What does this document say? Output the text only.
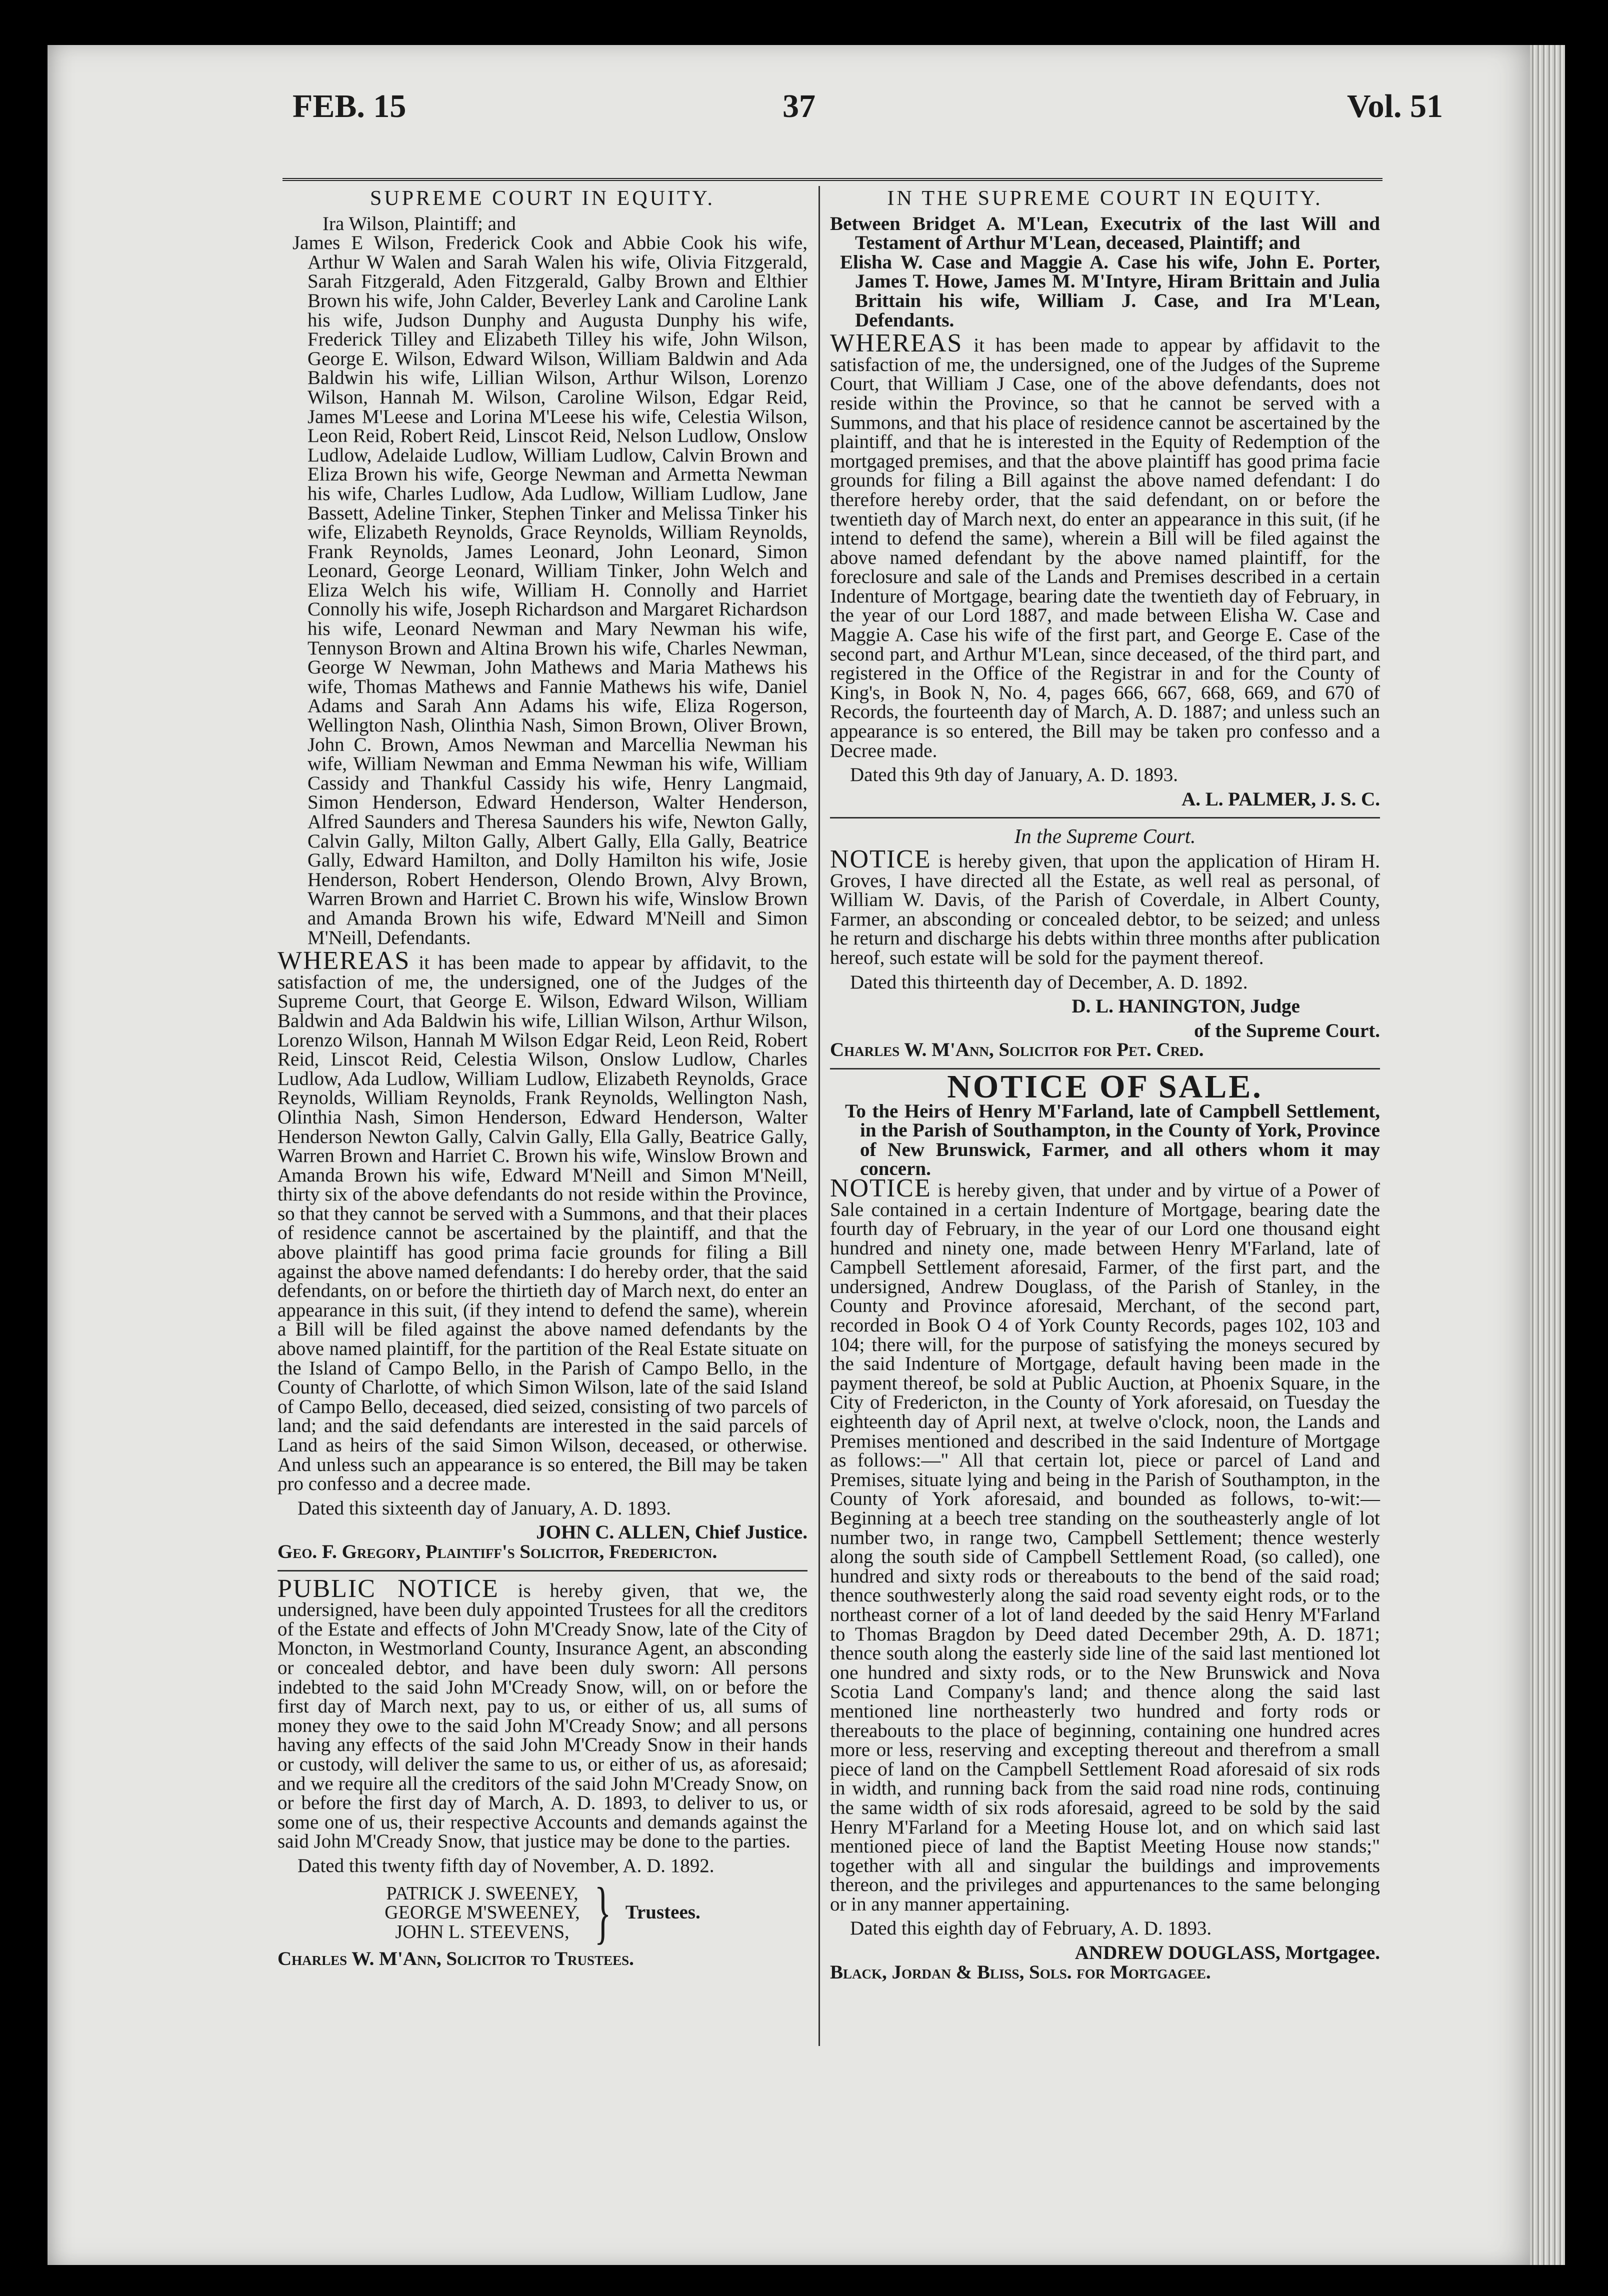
FEB. 15	37	Vol. 51
SUPREME COURT IN EQUITY.

Ira Wilson, Plaintiff; and

James E Wilson, Frederick Cook and Abbie Cook his wife, Arthur W Walen and Sarah Walen his wife, Olivia Fitzgerald, Sarah Fitzgerald, Aden Fitzgerald, Galby Brown and Elthier Brown his wife, John Calder, Beverley Lank and Caroline Lank his wife, Judson Dunphy and Augusta Dunphy his wife, Frederick Tilley and Elizabeth Tilley his wife, John Wilson, George E. Wilson, Edward Wilson, William Baldwin and Ada Baldwin his wife, Lillian Wilson, Arthur Wilson, Lorenzo Wilson, Hannah M. Wilson, Caroline Wilson, Edgar Reid, James M'Leese and Lorina M'Leese his wife, Celestia Wilson, Leon Reid, Robert Reid, Linscot Reid, Nelson Ludlow, Onslow Ludlow, Adelaide Ludlow, William Ludlow, Calvin Brown and Eliza Brown his wife, George Newman and Armetta Newman his wife, Charles Ludlow, Ada Ludlow, William Ludlow, Jane Bassett, Adeline Tinker, Stephen Tinker and Melissa Tinker his wife, Elizabeth Reynolds, Grace Reynolds, William Reynolds, Frank Reynolds, James Leonard, John Leonard, Simon Leonard, George Leonard, William Tinker, John Welch and Eliza Welch his wife, William H. Connolly and Harriet Connolly his wife, Joseph Richardson and Margaret Richardson his wife, Leonard Newman and Mary Newman his wife, Tennyson Brown and Altina Brown his wife, Charles Newman, George W Newman, John Mathews and Maria Mathews his wife, Thomas Mathews and Fannie Mathews his wife, Daniel Adams and Sarah Ann Adams his wife, Eliza Rogerson, Wellington Nash, Olinthia Nash, Simon Brown, Oliver Brown, John C. Brown, Amos Newman and Marcellia Newman his wife, William Newman and Emma Newman his wife, William Cassidy and Thankful Cassidy his wife, Henry Langmaid, Simon Henderson, Edward Henderson, Walter Henderson, Alfred Saunders and Theresa Saunders his wife, Newton Gally, Calvin Gally, Milton Gally, Albert Gally, Ella Gally, Beatrice Gally, Edward Hamilton, and Dolly Hamilton his wife, Josie Henderson, Robert Henderson, Olendo Brown, Alvy Brown, Warren Brown and Harriet C. Brown his wife, Winslow Brown and Amanda Brown his wife, Edward M'Neill and Simon M'Neill, Defendants.

WHEREAS it has been made to appear by affidavit, to the satisfaction of me, the undersigned, one of the Judges of the Supreme Court, that George E. Wilson, Edward Wilson, William Baldwin and Ada Baldwin his wife, Lillian Wilson, Arthur Wilson, Lorenzo Wilson, Hannah M Wilson Edgar Reid, Leon Reid, Robert Reid, Linscot Reid, Celestia Wilson, Onslow Ludlow, Charles Ludlow, Ada Ludlow, William Ludlow, Elizabeth Reynolds, Grace Reynolds, William Reynolds, Frank Reynolds, Wellington Nash, Olinthia Nash, Simon Henderson, Edward Henderson, Walter Henderson Newton Gally, Calvin Gally, Ella Gally, Beatrice Gally, Warren Brown and Harriet C. Brown his wife, Winslow Brown and Amanda Brown his wife, Edward M'Neill and Simon M'Neill, thirty six of the above defendants do not reside within the Province, so that they cannot be served with a Summons, and that their places of residence cannot be ascertained by the plaintiff, and that the above plaintiff has good prima facie grounds for filing a Bill against the above named defendants: I do hereby order, that the said defendants, on or before the thirtieth day of March next, do enter an appearance in this suit, (if they intend to defend the same), wherein a Bill will be filed against the above named defendants by the above named plaintiff, for the partition of the Real Estate situate on the Island of Campo Bello, in the Parish of Campo Bello, in the County of Charlotte, of which Simon Wilson, late of the said Island of Campo Bello, deceased, died seized, consisting of two parcels of land; and the said defendants are interested in the said parcels of Land as heirs of the said Simon Wilson, deceased, or otherwise. And unless such an appearance is so entered, the Bill may be taken pro confesso and a decree made.

Dated this sixteenth day of January, A. D. 1893.

JOHN C. ALLEN, Chief Justice.

Geo. F. Gregory, Plaintiff's Solicitor, Fredericton.

PUBLIC NOTICE is hereby given, that we, the undersigned, have been duly appointed Trustees for all the creditors of the Estate and effects of John M'Cready Snow, late of the City of Moncton, in Westmorland County, Insurance Agent, an absconding or concealed debtor, and have been duly sworn: All persons indebted to the said John M'Cready Snow, will, on or before the first day of March next, pay to us, or either of us, all sums of money they owe to the said John M'Cready Snow; and all persons having any effects of the said John M'Cready Snow in their hands or custody, will deliver the same to us, or either of us, as aforesaid; and we require all the creditors of the said John M'Cready Snow, on or before the first day of March, A. D. 1893, to deliver to us, or some one of us, their respective Accounts and demands against the said John M'Cready Snow, that justice may be done to the parties.

Dated this twenty fifth day of November, A. D. 1892.

PATRICK J. SWEENEY,
GEORGE M'SWEENEY,
JOHN L. STEEVENS, } Trustees.

Charles W. M'Ann, Solicitor to Trustees.

IN THE SUPREME COURT IN EQUITY.

Between Bridget A. M'Lean, Executrix of the last Will and Testament of Arthur M'Lean, deceased, Plaintiff; and

Elisha W. Case and Maggie A. Case his wife, John E. Porter, James T. Howe, James M. M'Intyre, Hiram Brittain and Julia Brittain his wife, William J. Case, and Ira M'Lean, Defendants.

WHEREAS it has been made to appear by affidavit to the satisfaction of me, the undersigned, one of the Judges of the Supreme Court, that William J Case, one of the above defendants, does not reside within the Province, so that he cannot be served with a Summons, and that his place of residence cannot be ascertained by the plaintiff, and that he is interested in the Equity of Redemption of the mortgaged premises, and that the above plaintiff has good prima facie grounds for filing a Bill against the above named defendant: I do therefore hereby order, that the said defendant, on or before the twentieth day of March next, do enter an appearance in this suit, (if he intend to defend the same), wherein a Bill will be filed against the above named defendant by the above named plaintiff, for the foreclosure and sale of the Lands and Premises described in a certain Indenture of Mortgage, bearing date the twentieth day of February, in the year of our Lord 1887, and made between Elisha W. Case and Maggie A. Case his wife of the first part, and George E. Case of the second part, and Arthur M'Lean, since deceased, of the third part, and registered in the Office of the Registrar in and for the County of King's, in Book N, No. 4, pages 666, 667, 668, 669, and 670 of Records, the fourteenth day of March, A. D. 1887; and unless such an appearance is so entered, the Bill may be taken pro confesso and a Decree made.

Dated this 9th day of January, A. D. 1893.

A. L. PALMER, J. S. C.

In the Supreme Court.

NOTICE is hereby given, that upon the application of Hiram H. Groves, I have directed all the Estate, as well real as personal, of William W. Davis, of the Parish of Coverdale, in Albert County, Farmer, an absconding or concealed debtor, to be seized; and unless he return and discharge his debts within three months after publication hereof, such estate will be sold for the payment thereof.

Dated this thirteenth day of December, A. D. 1892.

D. L. HANINGTON, Judge

of the Supreme Court.

Charles W. M'Ann, Solicitor for Pet. Cred.

NOTICE OF SALE.

To the Heirs of Henry M'Farland, late of Campbell Settlement, in the Parish of Southampton, in the County of York, Province of New Brunswick, Farmer, and all others whom it may concern.

NOTICE is hereby given, that under and by virtue of a Power of Sale contained in a certain Indenture of Mortgage, bearing date the fourth day of February, in the year of our Lord one thousand eight hundred and ninety one, made between Henry M'Farland, late of Campbell Settlement aforesaid, Farmer, of the first part, and the undersigned, Andrew Douglass, of the Parish of Stanley, in the County and Province aforesaid, Merchant, of the second part, recorded in Book O 4 of York County Records, pages 102, 103 and 104; there will, for the purpose of satisfying the moneys secured by the said Indenture of Mortgage, default having been made in the payment thereof, be sold at Public Auction, at Phoenix Square, in the City of Fredericton, in the County of York aforesaid, on Tuesday the eighteenth day of April next, at twelve o'clock, noon, the Lands and Premises mentioned and described in the said Indenture of Mortgage as follows:—" All that certain lot, piece or parcel of Land and Premises, situate lying and being in the Parish of Southampton, in the County of York aforesaid, and bounded as follows, to-wit:—Beginning at a beech tree standing on the southeasterly angle of lot number two, in range two, Campbell Settlement; thence westerly along the south side of Campbell Settlement Road, (so called), one hundred and sixty rods or thereabouts to the bend of the said road; thence southwesterly along the said road seventy eight rods, or to the northeast corner of a lot of land deeded by the said Henry M'Farland to Thomas Bragdon by Deed dated December 29th, A. D. 1871; thence south along the easterly side line of the said last mentioned lot one hundred and sixty rods, or to the New Brunswick and Nova Scotia Land Company's land; and thence along the said last mentioned line northeasterly two hundred and forty rods or thereabouts to the place of beginning, containing one hundred acres more or less, reserving and excepting thereout and therefrom a small piece of land on the Campbell Settlement Road aforesaid of six rods in width, and running back from the said road nine rods, continuing the same width of six rods aforesaid, agreed to be sold by the said Henry M'Farland for a Meeting House lot, and on which said last mentioned piece of land the Baptist Meeting House now stands;" together with all and singular the buildings and improvements thereon, and the privileges and appurtenances to the same belonging or in any manner appertaining.

Dated this eighth day of February, A. D. 1893.

ANDREW DOUGLASS, Mortgagee.

Black, Jordan & Bliss, Sols. for Mortgagee.
